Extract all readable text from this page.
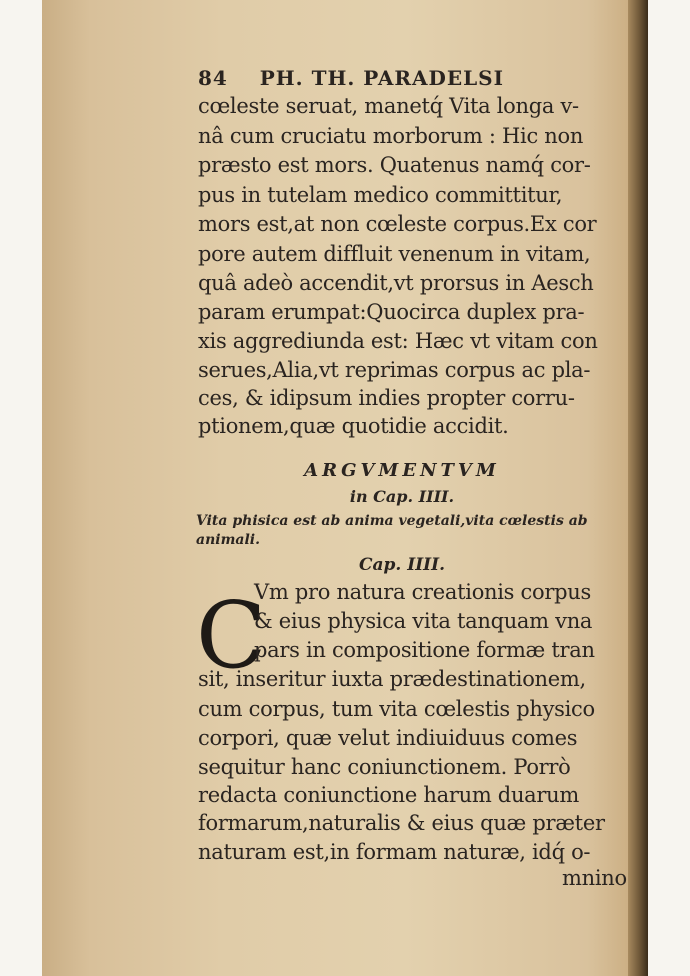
84 PH. TH. PARADELSI
cœleste seruat, manetq́ Vita longa v-
nâ cum cruciatu morborum : Hic non
præsto est mors. Quatenus namq́ cor-
pus in tutelam medico committitur,
mors est,at non cœleste corpus.Ex cor
pore autem diffluit venenum in vitam,
quâ adeò accendit,vt prorsus in Aesch
param erumpat:Quocirca duplex pra-
xis aggrediunda est: Hæc vt vitam con
serues,Alia,vt reprimas corpus ac pla-
ces, & idipsum indies propter corru-
ptionem,quæ quotidie accidit.
ARGVMENTVM
in Cap. IIII.
Vita phisica est ab anima vegetali,vita cœlestis ab
animali.
Cap. IIII.
C
Vm pro natura creationis corpus
& eius physica vita tanquam vna
pars in compositione formæ tran
sit, inseritur iuxta prædestinationem,
cum corpus, tum vita cœlestis physico
corpori, quæ velut indiuiduus comes
sequitur hanc coniunctionem. Porrò
redacta coniunctione harum duarum
formarum,naturalis & eius quæ præter
naturam est,in formam naturæ, idq́ o-
mnino
